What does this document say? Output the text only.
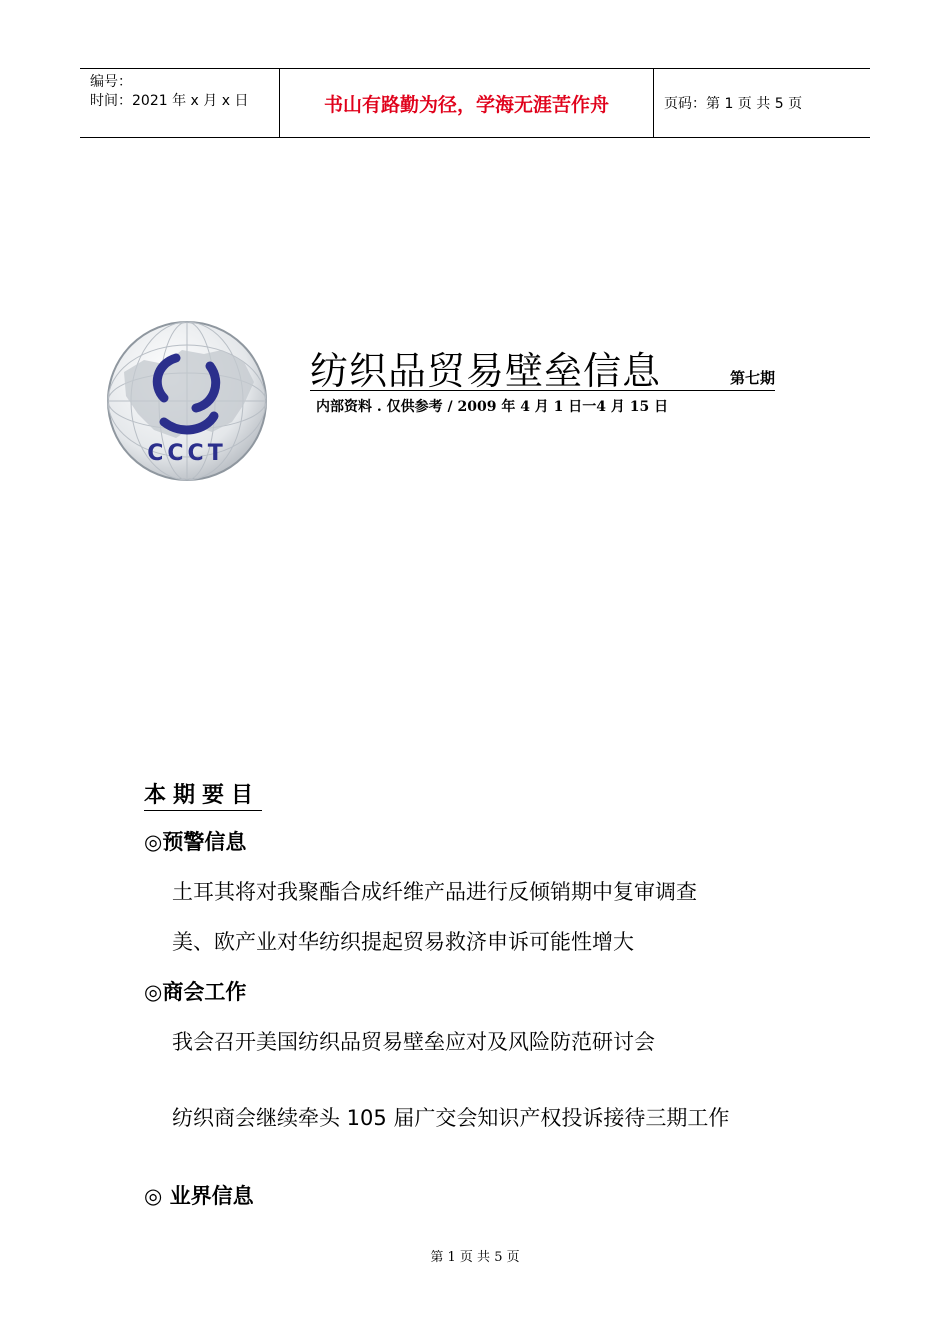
编号：
时间：2021 年 x 月 x 日	书山有路勤为径，学海无涯苦作舟	页码：第 1 页 共 5 页
CCCT
纺织品贸易壁垒信息	第七期
内部资料 . 仅供参考 / 2009 年 4 月 1 日一4 月 15 日
本期要目
◎预警信息
土耳其将对我聚酯合成纤维产品进行反倾销期中复审调查
美、欧产业对华纺织提起贸易救济申诉可能性增大
◎商会工作
我会召开美国纺织品贸易壁垒应对及风险防范研讨会
纺织商会继续牵头 105 届广交会知识产权投诉接待三期工作
◎ 业界信息
第 1 页 共 5 页
